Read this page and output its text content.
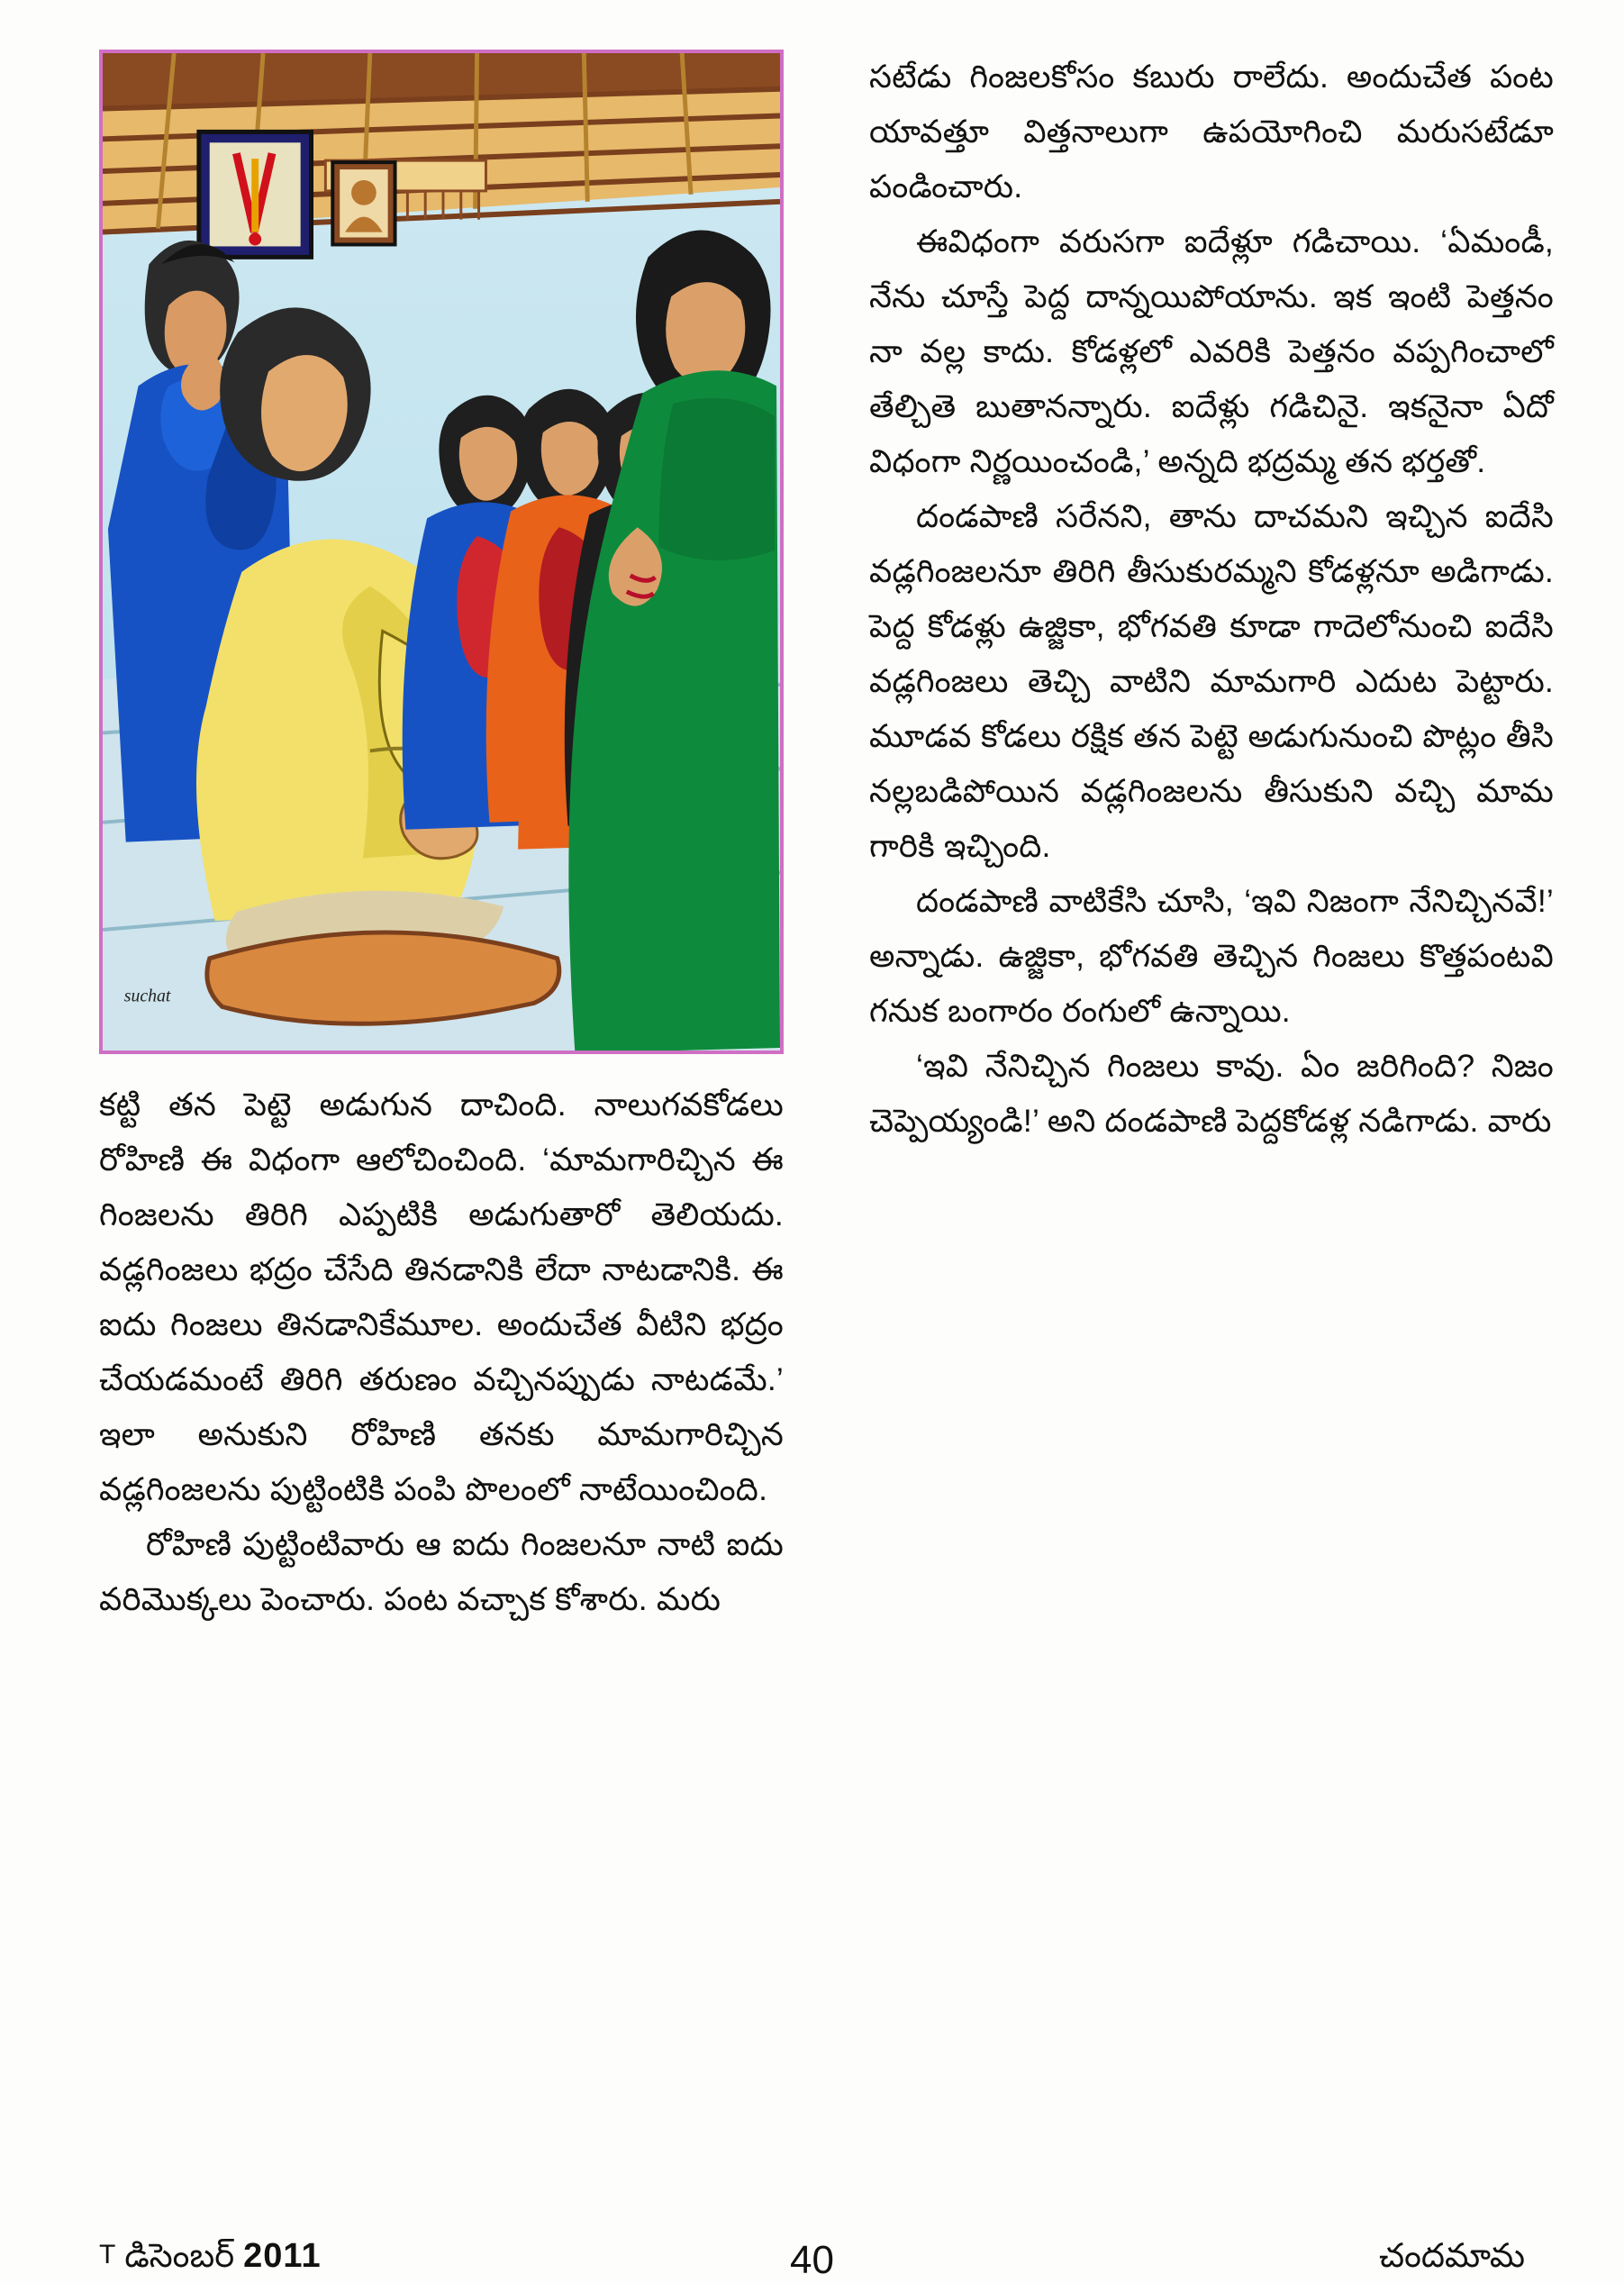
suchat

కట్టి తన పెట్టె అడుగున దాచింది. నాలుగవకోడలు రోహిణి ఈ విధంగా ఆలోచించింది. ‘మామగారిచ్చిన ఈ గింజలను తిరిగి ఎప్పటికి అడుగుతారో తెలియదు. వడ్లగింజలు భద్రం చేసేది తినడానికి లేదా నాటడానికి. ఈ ఐదు గింజలు తినడానికేమూల. అందుచేత వీటిని భద్రం చేయడమంటే తిరిగి తరుణం వచ్చినప్పుడు నాటడమే.’ ఇలా అనుకుని రోహిణి తనకు మామగారిచ్చిన వడ్లగింజలను పుట్టింటికి పంపి పొలంలో నాటేయించింది.

రోహిణి పుట్టింటివారు ఆ ఐదు గింజలనూ నాటి ఐదు వరిమొక్కలు పెంచారు. పంట వచ్చాక కోశారు. మరు

సటేడు గింజలకోసం కబురు రాలేదు. అందుచేత పంట యావత్తూ విత్తనాలుగా ఉపయోగించి మరుసటేడూ పండించారు.

ఈవిధంగా వరుసగా ఐదేళ్లూ గడిచాయి. ‘ఏమండీ, నేను చూస్తే పెద్ద దాన్నయిపోయాను. ఇక ఇంటి పెత్తనం నా వల్ల కాదు. కోడళ్లలో ఎవరికి పెత్తనం వప్పగించాలో తేల్చితె బుతానన్నారు. ఐదేళ్లు గడిచినై. ఇకనైనా ఏదో విధంగా నిర్ణయించండి,’ అన్నది భద్రమ్మ తన భర్తతో.

దండపాణి సరేనని, తాను దాచమని ఇచ్చిన ఐదేసి వడ్లగింజలనూ తిరిగి తీసుకురమ్మని కోడళ్లనూ అడిగాడు. పెద్ద కోడళ్లు ఉజ్జికా, భోగవతి కూడా గాదెలోనుంచి ఐదేసి వడ్లగింజలు తెచ్చి వాటిని మామగారి ఎదుట పెట్టారు. మూడవ కోడలు రక్షిక తన పెట్టె అడుగునుంచి పొట్లం తీసి నల్లబడిపోయిన వడ్లగింజలను తీసుకుని వచ్చి మామ గారికి ఇచ్చింది.

దండపాణి వాటికేసి చూసి, ‘ఇవి నిజంగా నేనిచ్చినవే!’ అన్నాడు. ఉజ్జికా, భోగవతి తెచ్చిన గింజలు కొత్తపంటవి గనుక బంగారం రంగులో ఉన్నాయి.

‘ఇవి నేనిచ్చిన గింజలు కావు. ఏం జరిగింది? నిజం చెప్పెయ్యండి!’ అని దండపాణి పెద్దకోడళ్ల నడిగాడు. వారు

T డిసెంబర్ 2011	40	చందమామ
